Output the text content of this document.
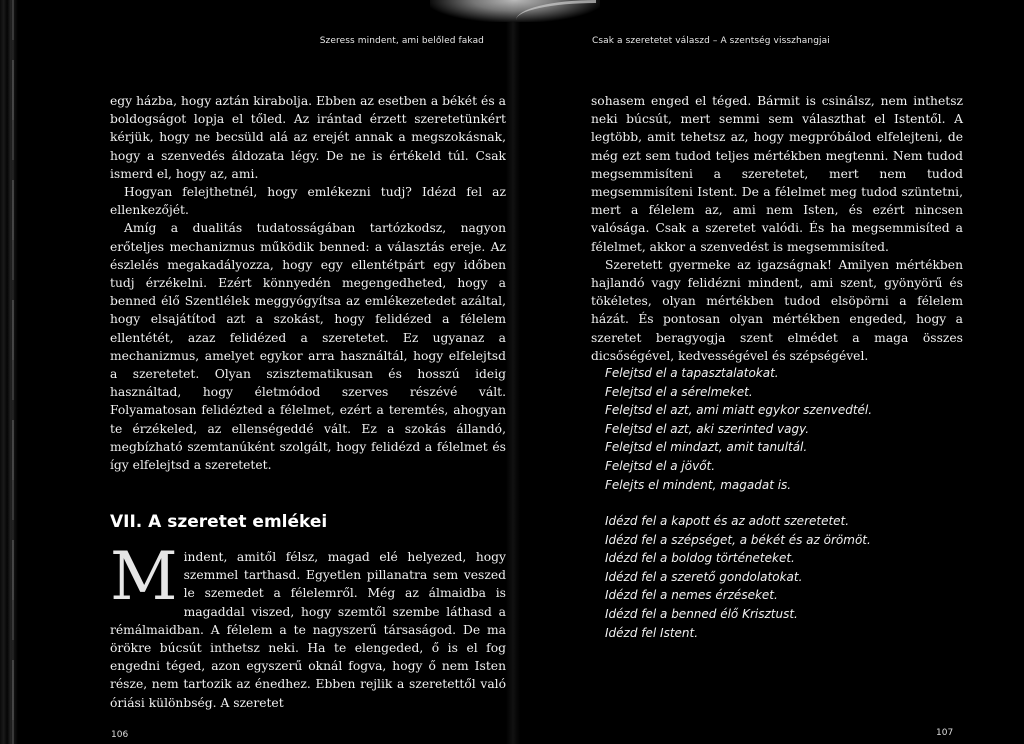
Szeress mindent, ami belőled fakad

egy házba, hogy aztán kirabolja. Ebben az esetben a békét és a boldogságot lopja el tőled. Az irántad érzett szeretetünkért kérjük, hogy ne becsüld alá az erejét annak a megszokásnak, hogy a szenvedés áldozata légy. De ne is értékeld túl. Csak ismerd el, hogy az, ami.

Hogyan felejthetnél, hogy emlékezni tudj? Idézd fel az ellenkezőjét.

Amíg a dualitás tudatosságában tartózkodsz, nagyon erőteljes mechanizmus működik benned: a választás ereje. Az észlelés megakadályozza, hogy egy ellentétpárt egy időben tudj érzékelni. Ezért könnyedén megengedheted, hogy a benned élő Szentlélek meggyógyítsa az emlékezetedet azáltal, hogy elsajátítod azt a szokást, hogy felidézed a félelem ellentétét, azaz felidézed a szeretetet. Ez ugyanaz a mechanizmus, amelyet egykor arra használtál, hogy elfelejtsd a szeretetet. Olyan szisztematikusan és hosszú ideig használtad, hogy életmódod szerves részévé vált. Folyamatosan felidézted a félelmet, ezért a teremtés, ahogyan te érzékeled, az ellenségeddé vált. Ez a szokás állandó, megbízható szemtanúként szolgált, hogy felidézd a félelmet és így elfelejtsd a szeretetet.

VII. A szeretet emlékei
Mindent, amitől félsz, magad elé helyezed, hogy szemmel tarthasd. Egyetlen pillanatra sem veszed le szemedet a félelemről. Még az álmaidba is magaddal viszed, hogy szemtől szembe láthasd a rémálmaidban. A félelem a te nagyszerű társaságod. De ma örökre búcsút inthetsz neki. Ha te elengeded, ő is el fog engedni téged, azon egyszerű oknál fogva, hogy ő nem Isten része, nem tartozik az énedhez. Ebben rejlik a szeretettől való óriási különbség. A szeretet
106
Csak a szeretetet válaszd – A szentség visszhangjai

sohasem enged el téged. Bármit is csinálsz, nem inthetsz neki búcsút, mert semmi sem választhat el Istentől. A legtöbb, amit tehetsz az, hogy megpróbálod elfelejteni, de még ezt sem tudod teljes mértékben megtenni. Nem tudod megsemmisíteni a szeretetet, mert nem tudod megsemmisíteni Istent. De a félelmet meg tudod szüntetni, mert a félelem az, ami nem Isten, és ezért nincsen valósága. Csak a szeretet valódi. És ha megsemmisíted a félelmet, akkor a szenvedést is megsemmisíted.

Szeretett gyermeke az igazságnak! Amilyen mértékben hajlandó vagy felidézni mindent, ami szent, gyönyörű és tökéletes, olyan mértékben tudod elsöpörni a félelem házát. És pontosan olyan mértékben engeded, hogy a szeretet beragyogja szent elmédet a maga összes dicsőségével, kedvességével és szépségével.

Felejtsd el a tapasztalatokat.
Felejtsd el a sérelmeket.
Felejtsd el azt, ami miatt egykor szenvedtél.
Felejtsd el azt, aki szerinted vagy.
Felejtsd el mindazt, amit tanultál.
Felejtsd el a jövőt.
Felejts el mindent, magadat is.
Idézd fel a kapott és az adott szeretetet.
Idézd fel a szépséget, a békét és az örömöt.
Idézd fel a boldog történeteket.
Idézd fel a szerető gondolatokat.
Idézd fel a nemes érzéseket.
Idézd fel a benned élő Krisztust.
Idézd fel Istent.
107
